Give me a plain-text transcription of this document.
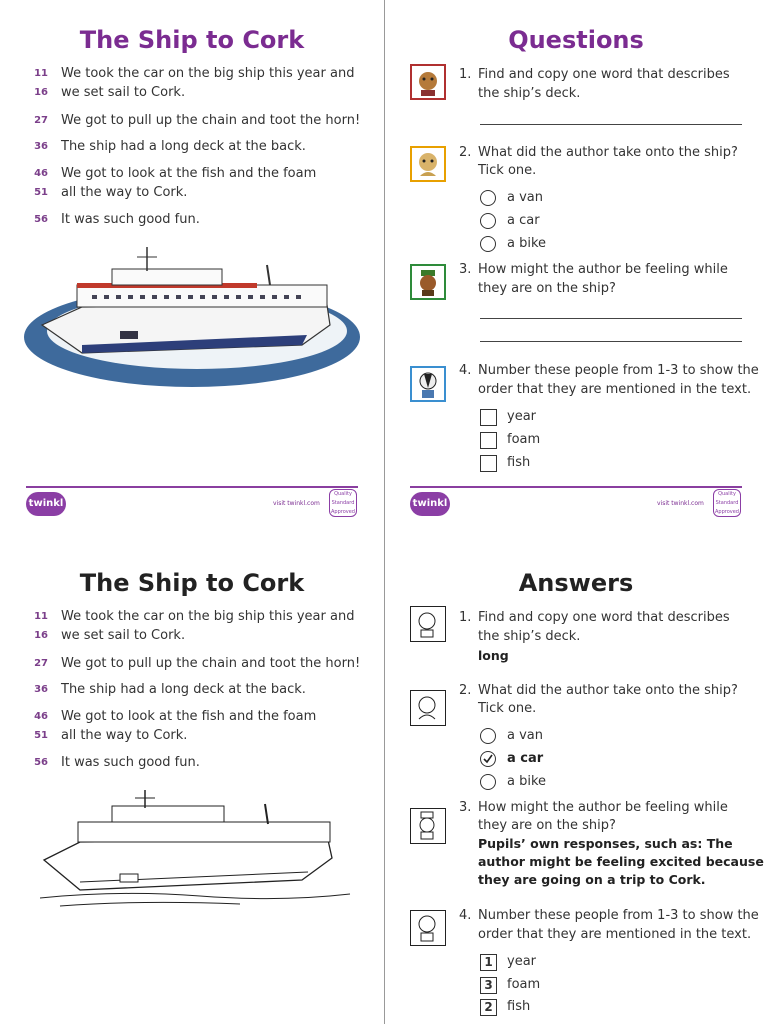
The Ship to Cork
11 We took the car on the big ship this year and
16 we set sail to Cork.
27 We got to pull up the chain and toot the horn!
36 The ship had a long deck at the back.
46 We got to look at the fish and the foam
51 all the way to Cork.
56 It was such good fun.
twinkl	visit twinkl.com
Quality Standard Approved
Questions
1. Find and copy one word that describes
the ship’s deck.
2. What did the author take onto the ship?
Tick one.
a van
a car
a bike
3. How might the author be feeling while
they are on the ship?
4. Number these people from 1-3 to show the
order that they are mentioned in the text.
year
foam
fish
twinkl	visit twinkl.com
Quality Standard Approved
The Ship to Cork
11 We took the car on the big ship this year and
16 we set sail to Cork.
27 We got to pull up the chain and toot the horn!
36 The ship had a long deck at the back.
46 We got to look at the fish and the foam
51 all the way to Cork.
56 It was such good fun.
Answers
1. Find and copy one word that describes
the ship’s deck.
long
2. What did the author take onto the ship?
Tick one.
a van
a car
a bike
3. How might the author be feeling while
they are on the ship?
Pupils’ own responses, such as: The
author might be feeling excited because
they are going on a trip to Cork.
4. Number these people from 1-3 to show the
order that they are mentioned in the text.
1	year
3	foam
2	fish
